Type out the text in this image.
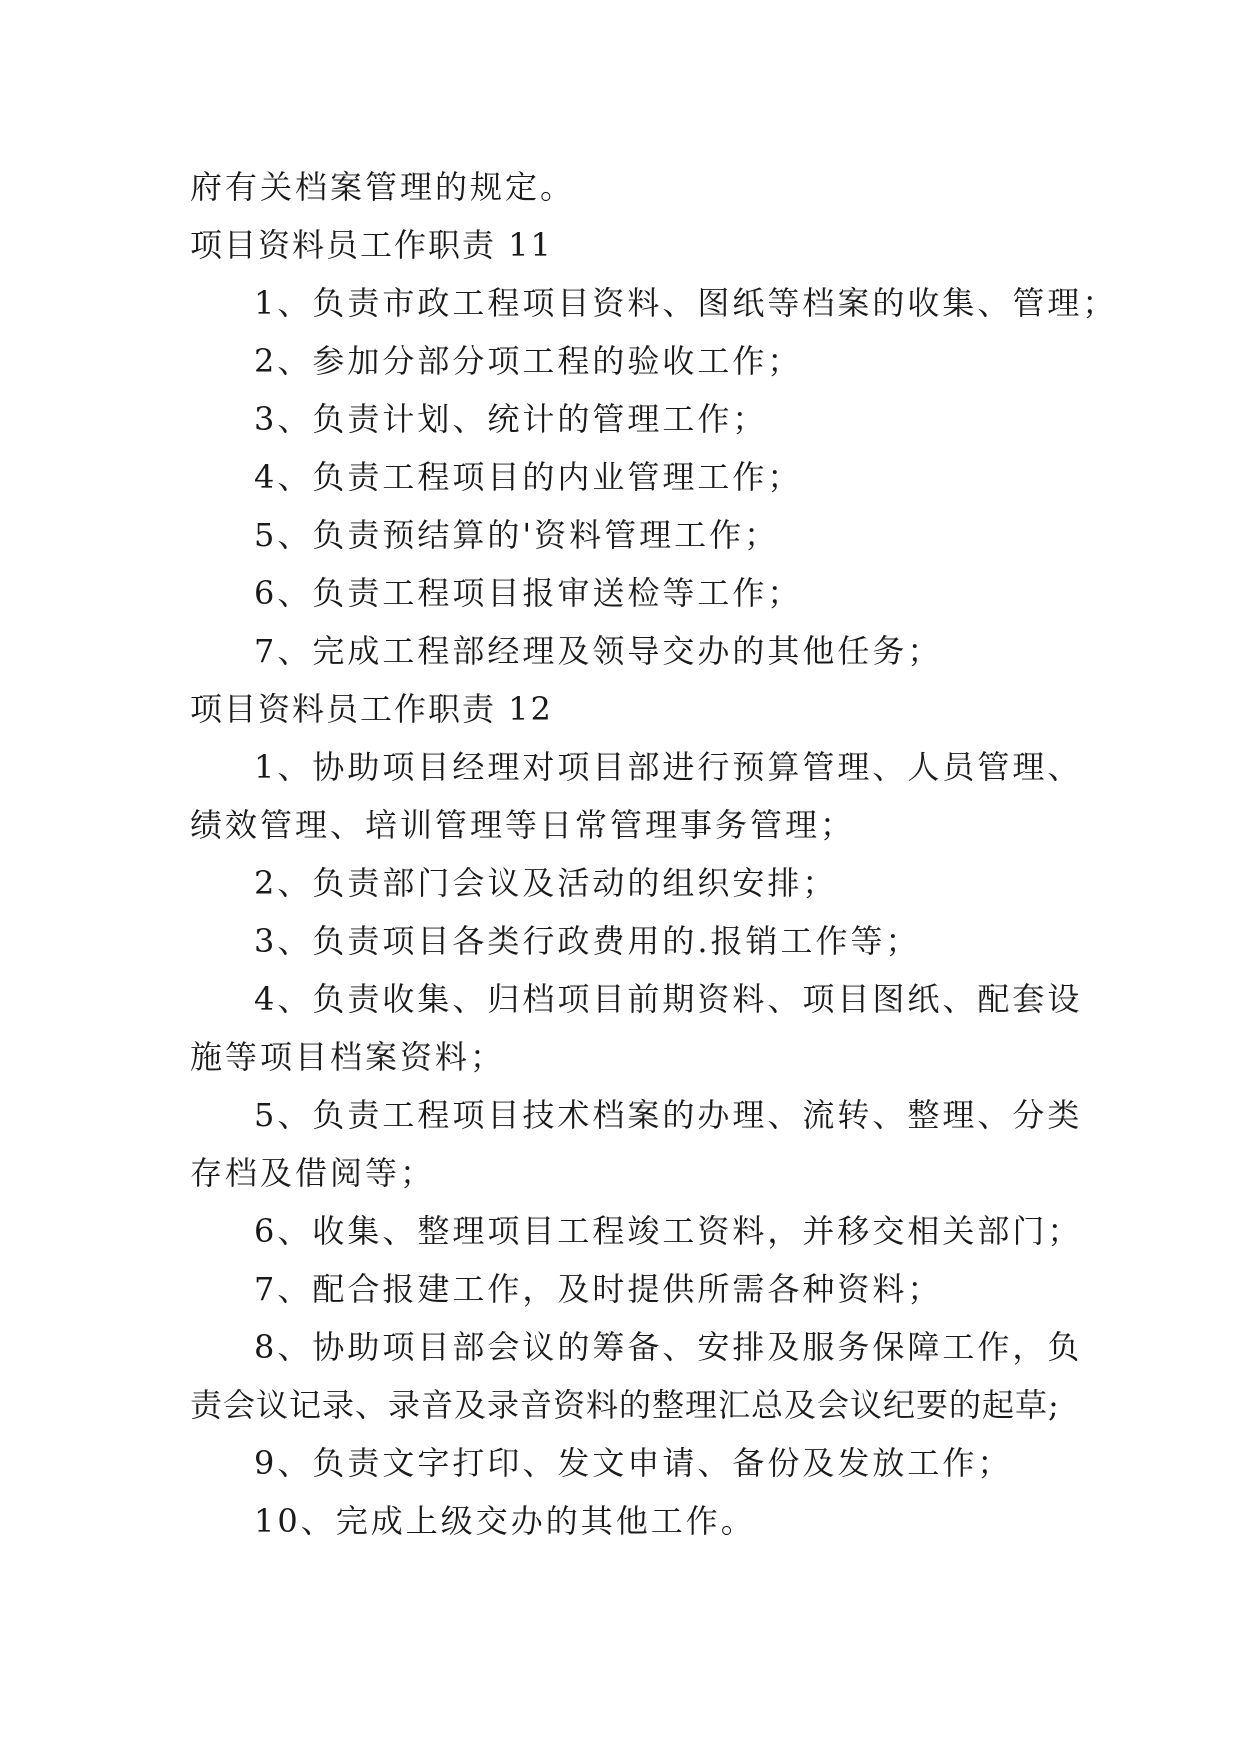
府有关档案管理的规定。
项目资料员工作职责 11
1、负责市政工程项目资料、图纸等档案的收集、管理；
2、参加分部分项工程的验收工作；
3、负责计划、统计的管理工作；
4、负责工程项目的内业管理工作；
5、负责预结算的'资料管理工作；
6、负责工程项目报审送检等工作；
7、完成工程部经理及领导交办的其他任务；
项目资料员工作职责 12
1、协助项目经理对项目部进行预算管理、人员管理、
绩效管理、培训管理等日常管理事务管理；
2、负责部门会议及活动的组织安排；
3、负责项目各类行政费用的.报销工作等；
4、负责收集、归档项目前期资料、项目图纸、配套设
施等项目档案资料；
5、负责工程项目技术档案的办理、流转、整理、分类
存档及借阅等；
6、收集、整理项目工程竣工资料，并移交相关部门；
7、配合报建工作，及时提供所需各种资料；
8、协助项目部会议的筹备、安排及服务保障工作，负
责会议记录、录音及录音资料的整理汇总及会议纪要的起草;
9、负责文字打印、发文申请、备份及发放工作；
10、完成上级交办的其他工作。
